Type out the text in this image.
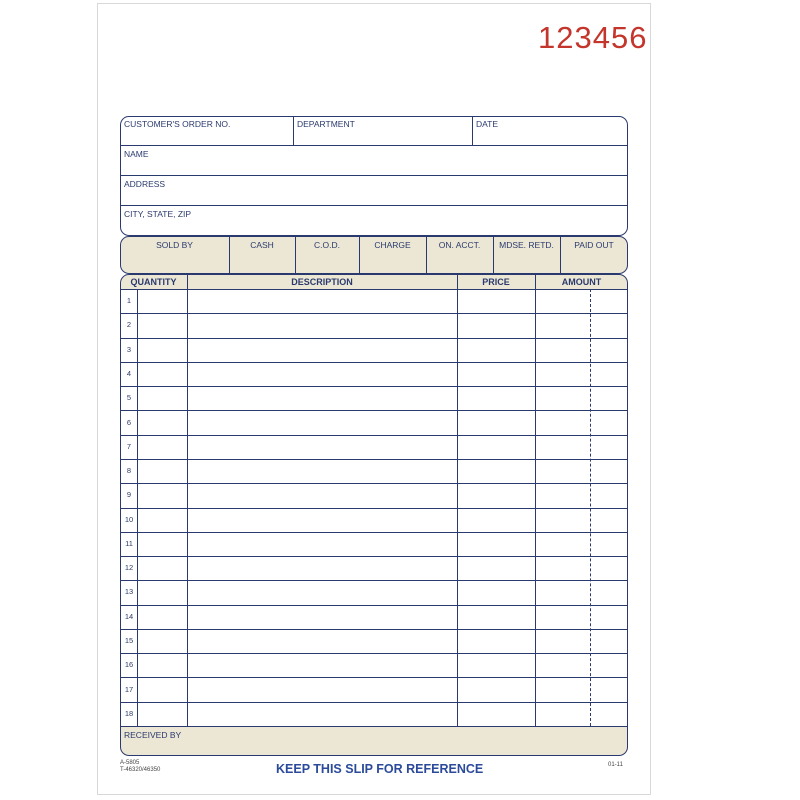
123456
CUSTOMER'S ORDER NO.	DEPARTMENT	DATE
NAME
ADDRESS
CITY, STATE, ZIP
SOLD BY	CASH	C.O.D.	CHARGE	ON. ACCT.	MDSE. RETD.	PAID OUT
QUANTITY	DESCRIPTION	PRICE	AMOUNT
1
2
3
4
5
6
7
8
9
10
11
12
13
14
15
16
17
18
RECEIVED BY
A-5805
T-46320/46350	KEEP THIS SLIP FOR REFERENCE	01-11
